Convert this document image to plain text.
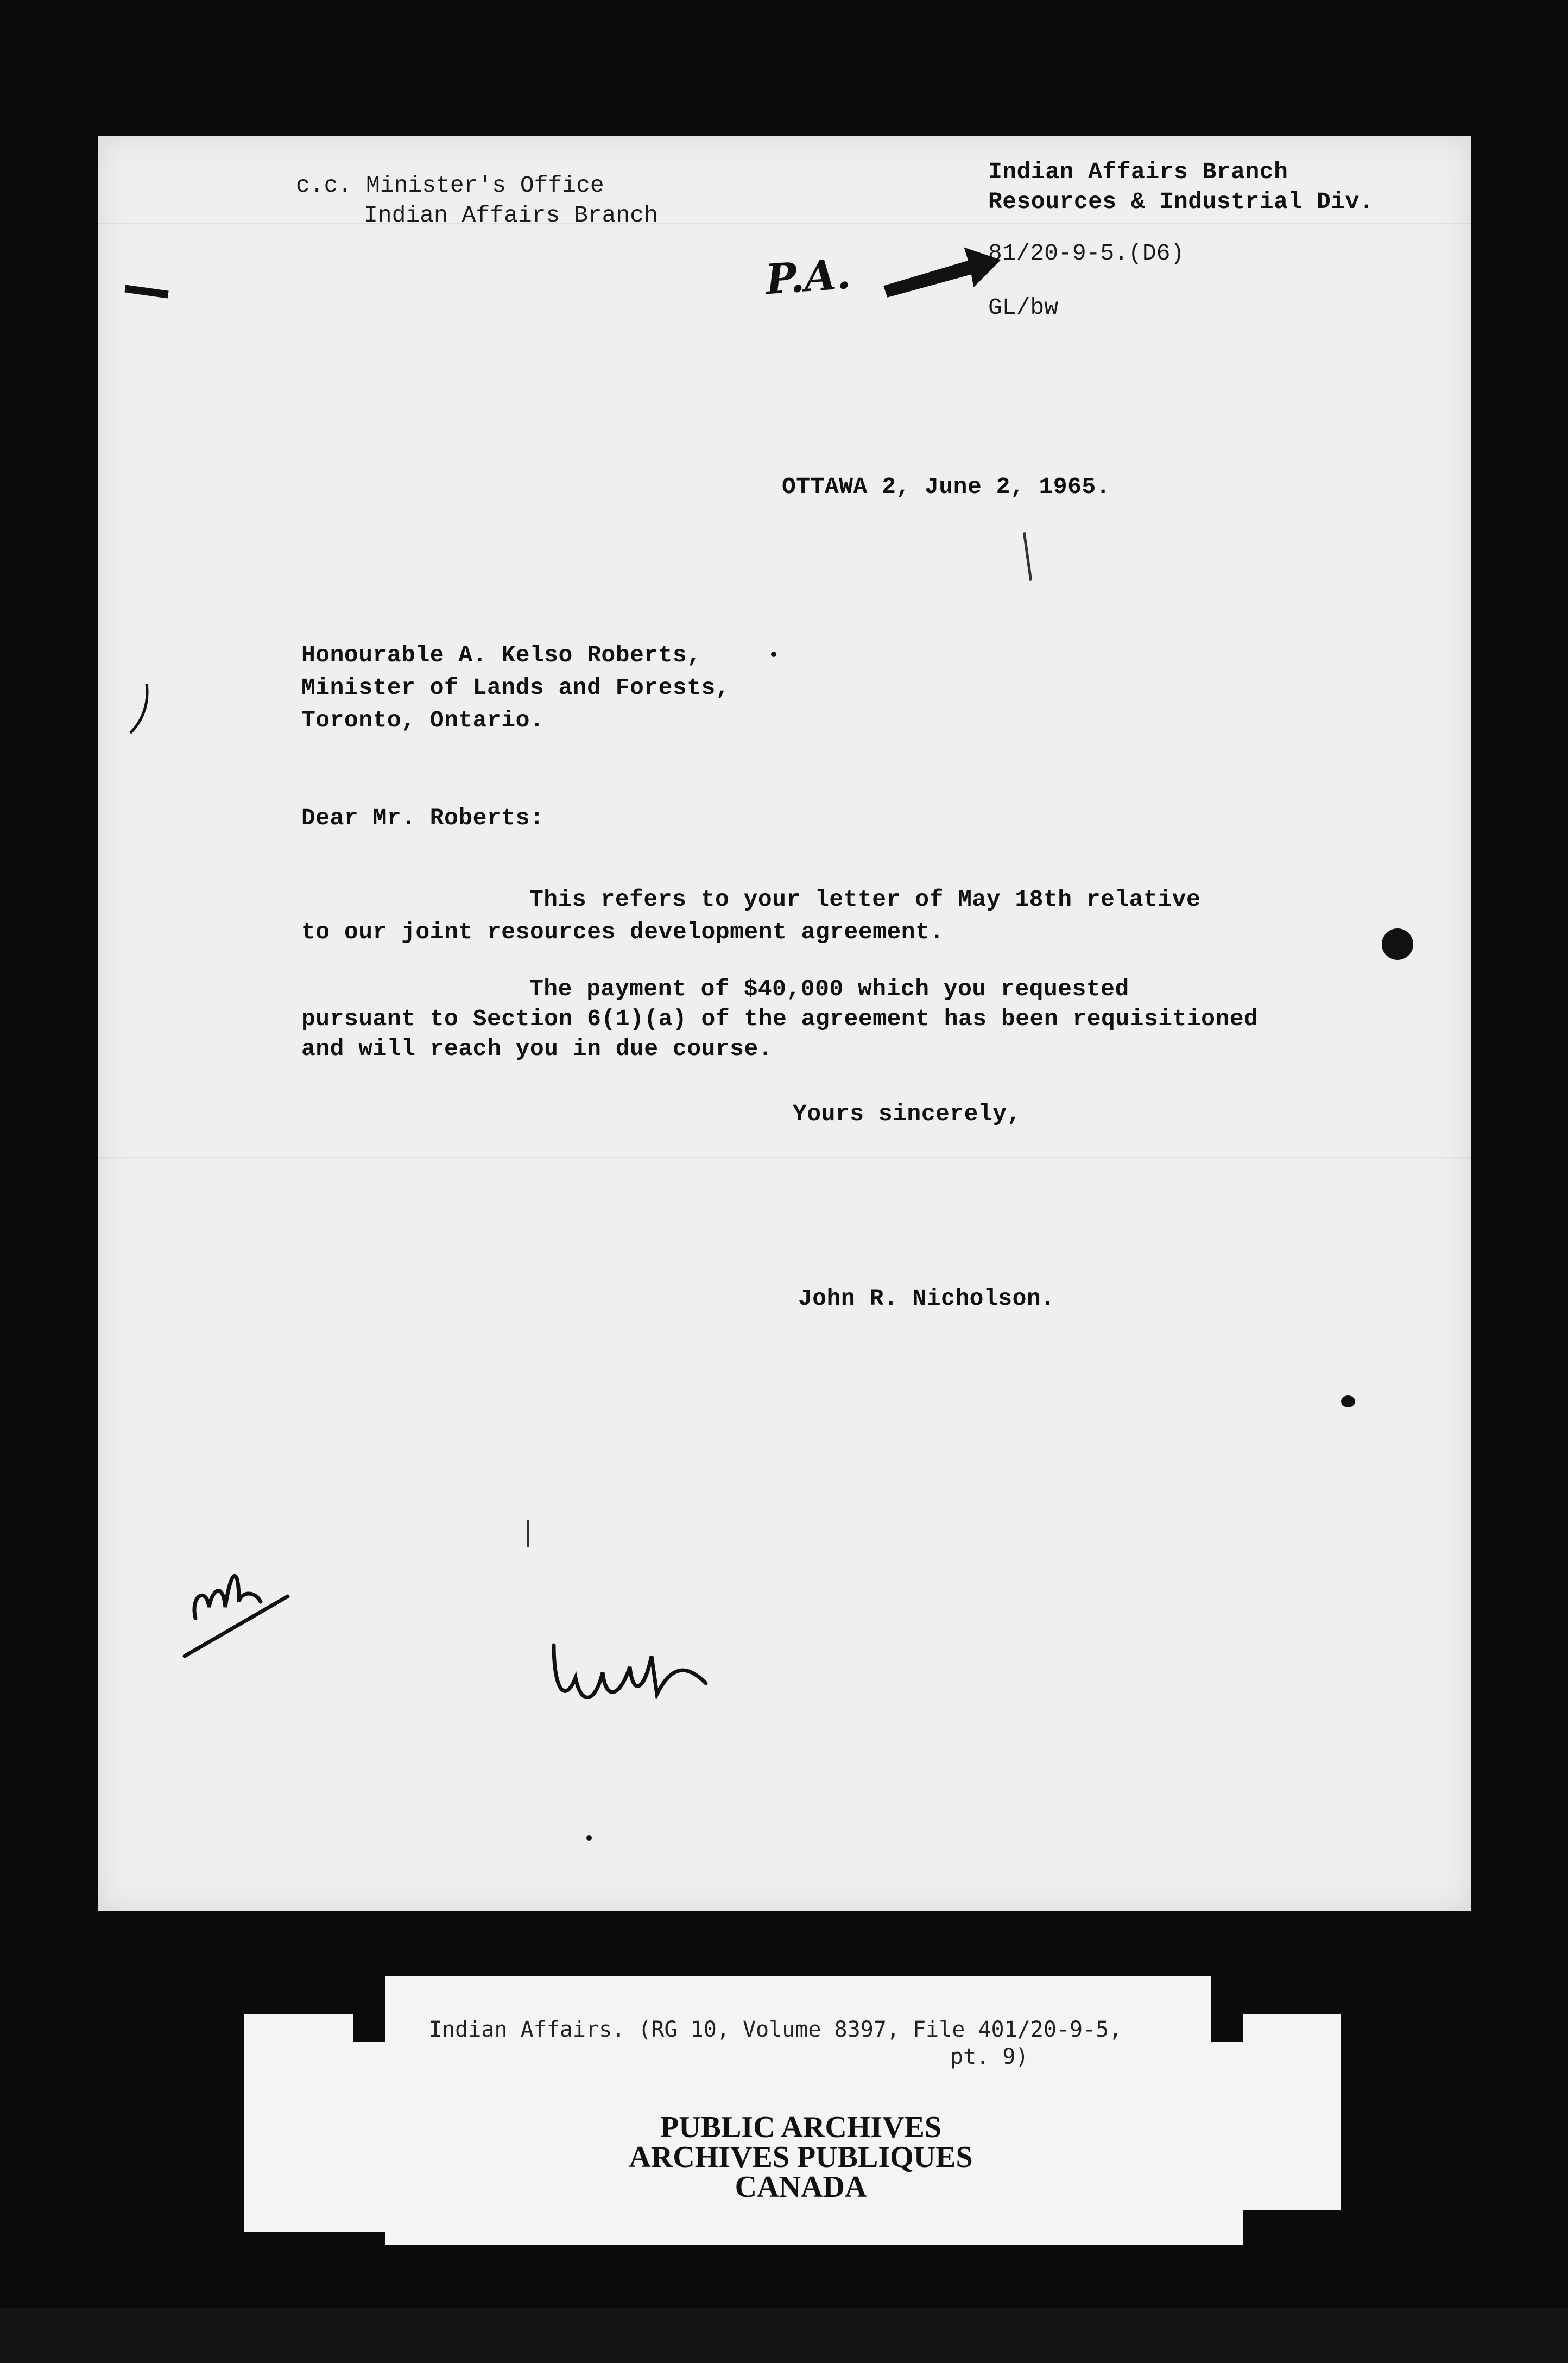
c.c. Minister's Office
Indian Affairs Branch
Indian Affairs Branch
Resources & Industrial Div.
81/20-9-5.(D6)
GL/bw
P.A.
OTTAWA 2, June 2, 1965.
Honourable A. Kelso Roberts,
Minister of Lands and Forests,
Toronto, Ontario.
Dear Mr. Roberts:
This refers to your letter of May 18th relative
to our joint resources development agreement.
The payment of $40,000 which you requested
pursuant to Section 6(1)(a) of the agreement has been requisitioned
and will reach you in due course.
Yours sincerely,
John R. Nicholson.
Indian Affairs. (RG 10, Volume 8397, File 401/20-9-5,
pt. 9)
PUBLIC ARCHIVES
ARCHIVES PUBLIQUES
CANADA
